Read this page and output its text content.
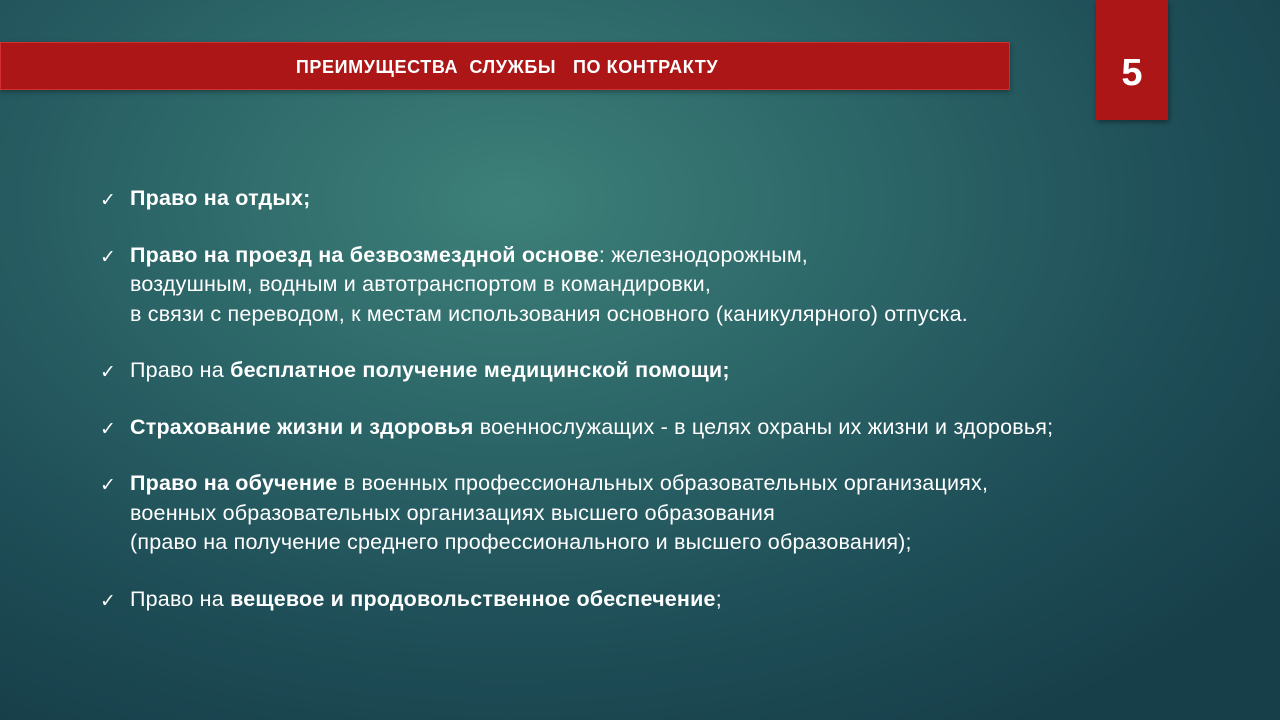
ПРЕИМУЩЕСТВА  СЛУЖБЫ   ПО КОНТРАКТУ	5
✓ Право на отдых;
✓ Право на проезд на безвозмездной основе: железнодорожным,
воздушным, водным и автотранспортом в командировки,
в связи с переводом, к местам использования основного (каникулярного) отпуска.
✓ Право на бесплатное получение медицинской помощи;
✓ Страхование жизни и здоровья военнослужащих - в целях охраны их жизни и здоровья;
✓ Право на обучение в военных профессиональных образовательных организациях,
военных образовательных организациях высшего образования
(право на получение среднего профессионального и высшего образования);
✓ Право на вещевое и продовольственное обеспечение;
